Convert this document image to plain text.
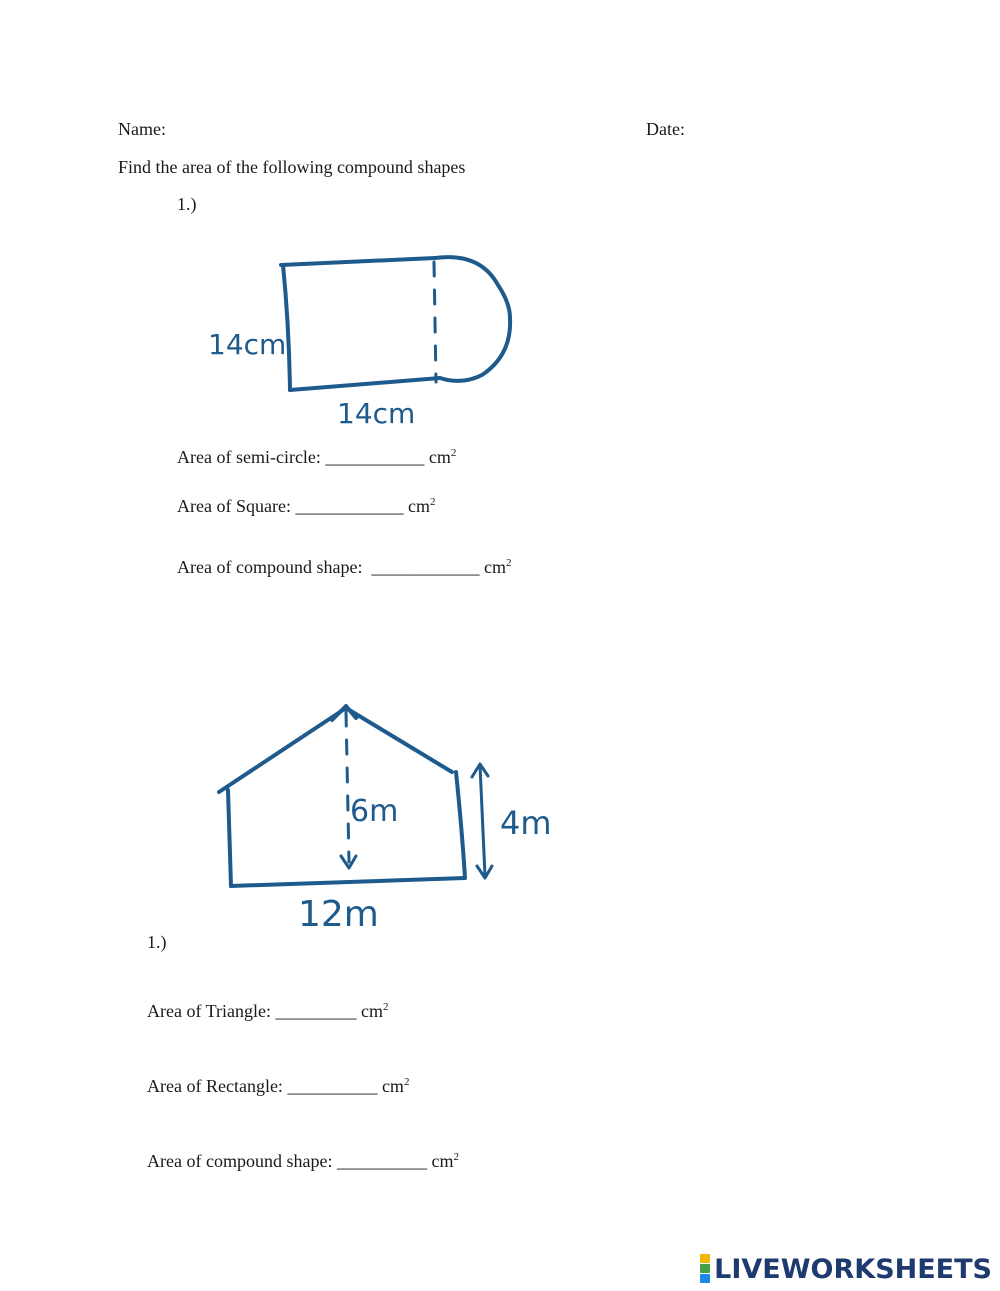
Name:	Date:
Find the area of the following compound shapes
1.)
14cm
14cm
Area of semi-circle: ___________ $cm^2$
Area of Square: ____________ $cm^2$
Area of compound shape: ____________ $cm^2$
6m	4m
12m
1.)
Area of Triangle: _________ $cm^2$
Area of Rectangle: __________ $cm^2$
Area of compound shape: __________ $cm^2$
LIVEWORKSHEETS
